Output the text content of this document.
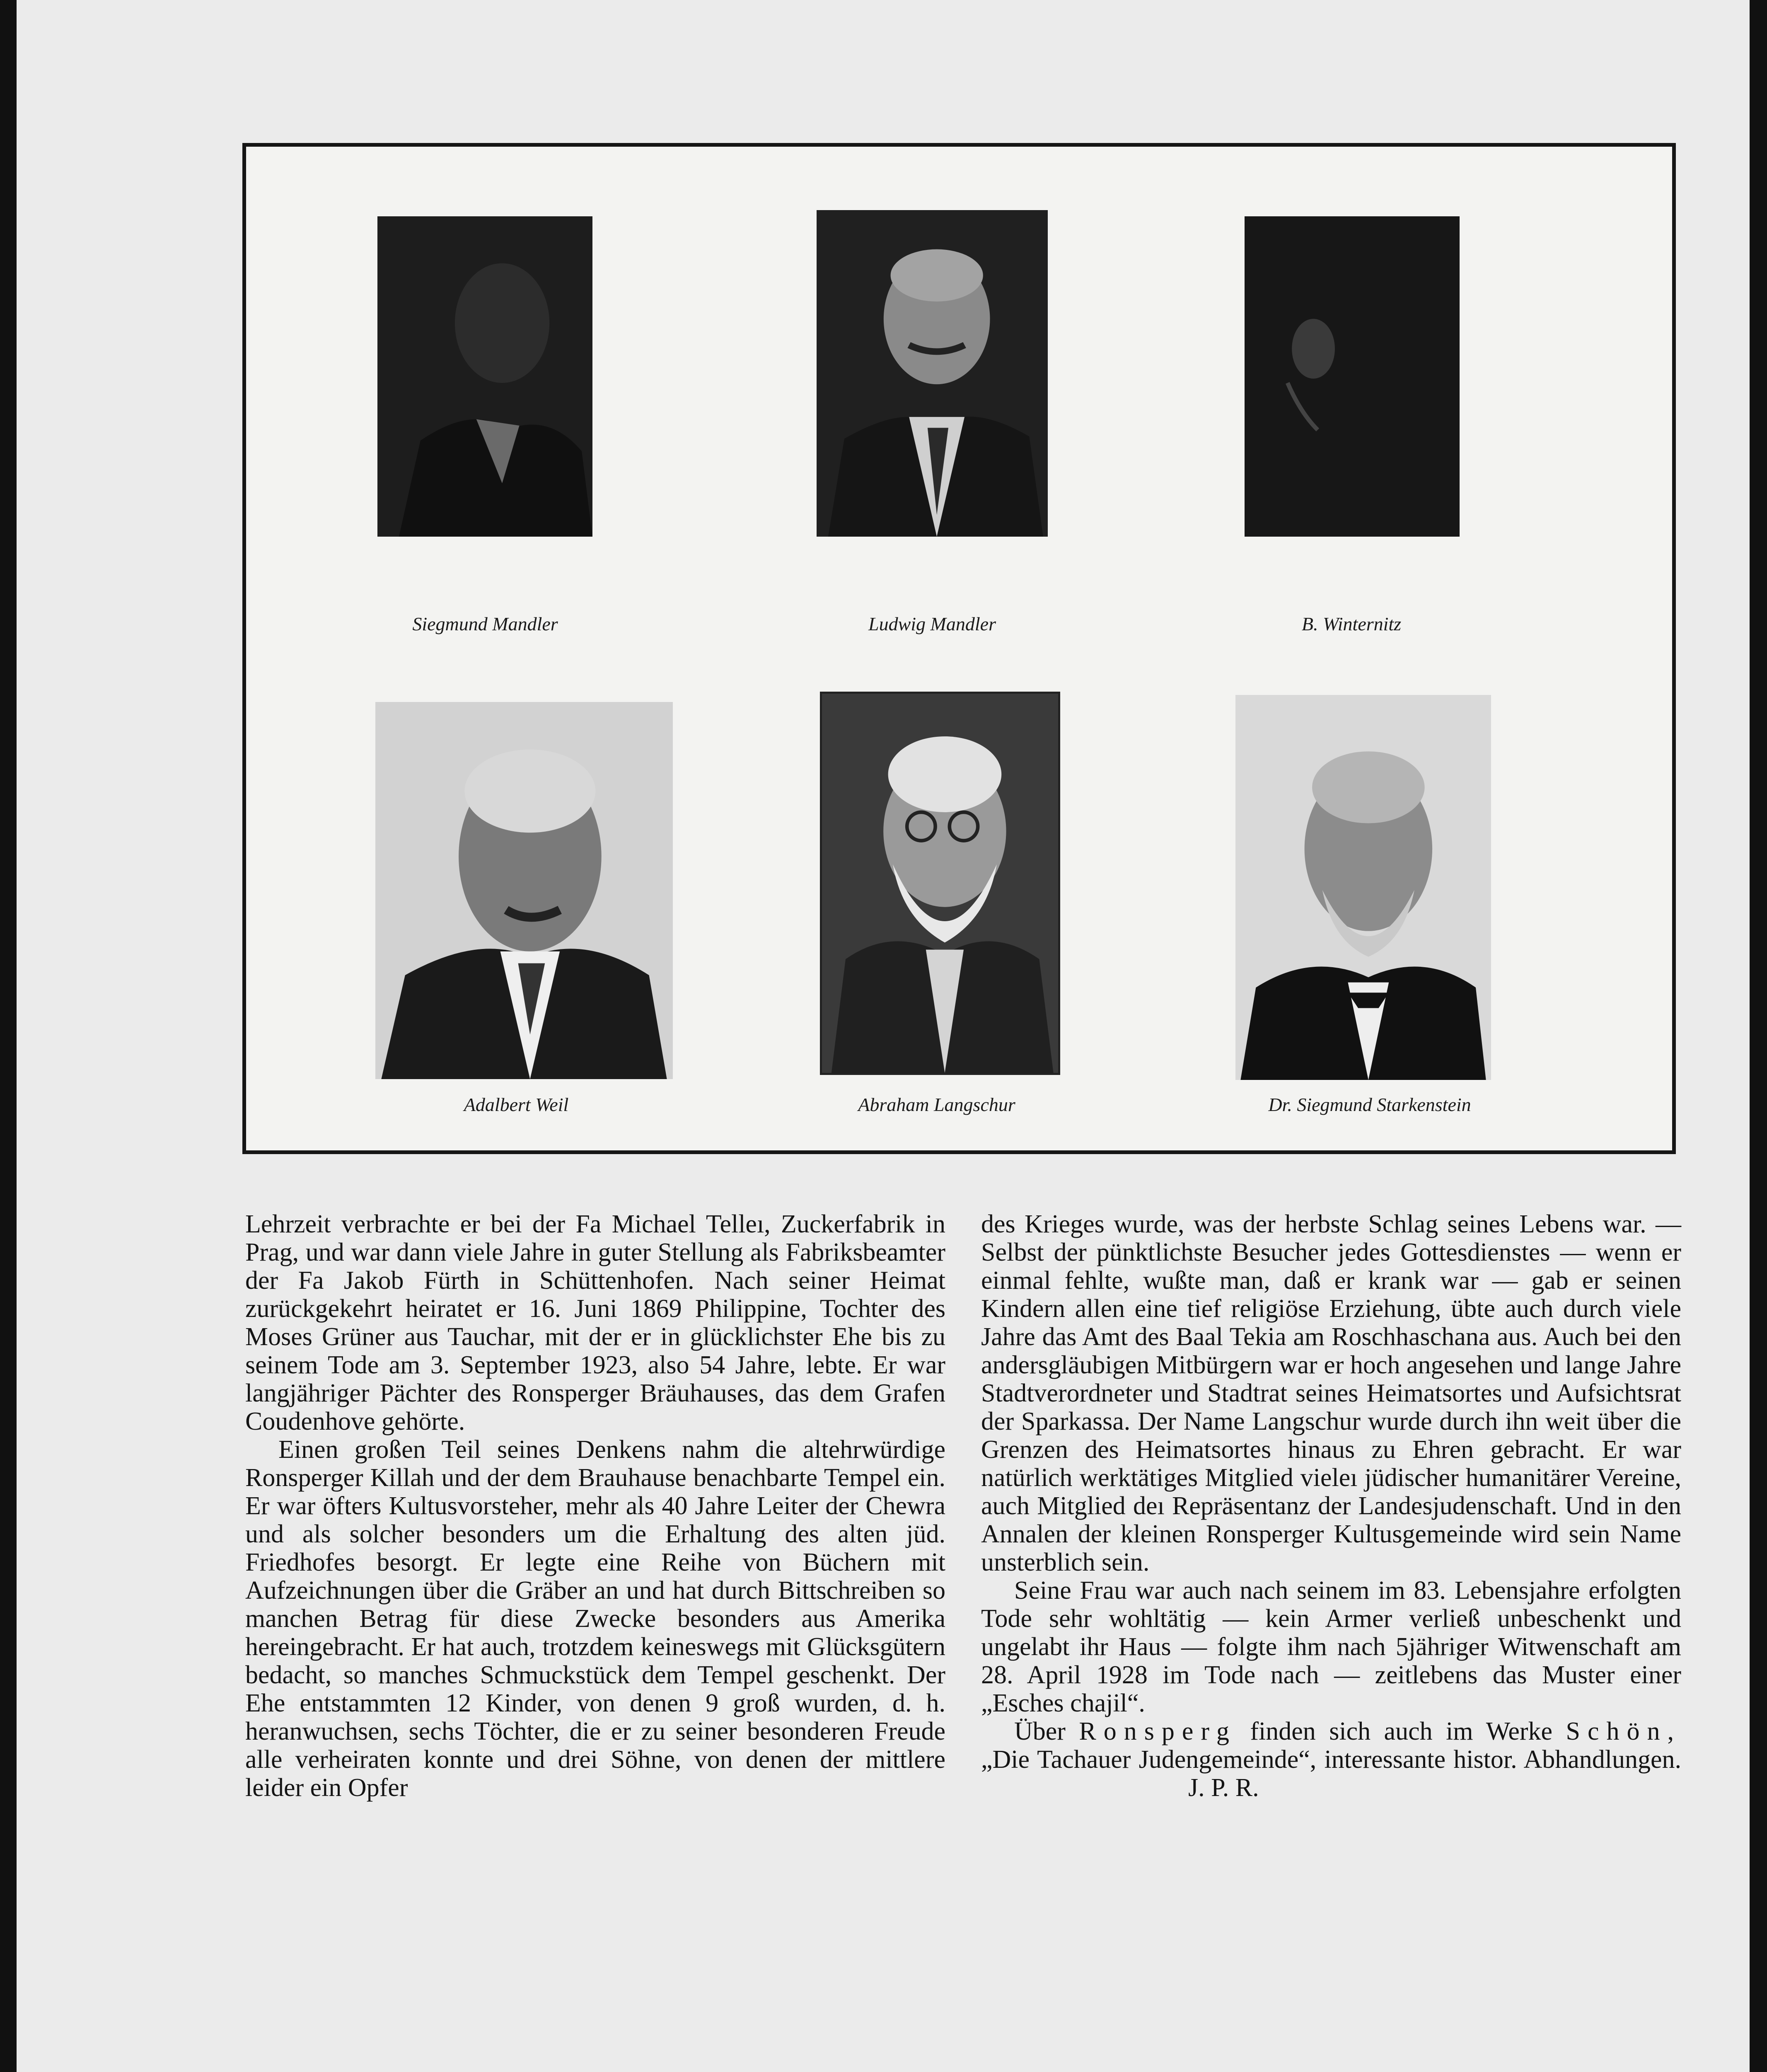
Siegmund Mandler	Ludwig Mandler	B. Winternitz
Adalbert Weil	Abraham Langschur	Dr. Siegmund Starkenstein

Lehrzeit verbrachte er bei der Fa Michael Telleı, Zuckerfabrik in Prag, und war dann viele Jahre in guter Stellung als Fabriksbeamter der Fa Jakob Fürth in Schüttenhofen. Nach seiner Heimat zurückgekehrt heiratet er 16. Juni 1869 Philippine, Tochter des Moses Grüner aus Tauchar, mit der er in glücklichster Ehe bis zu seinem Tode am 3. September 1923, also 54 Jahre, lebte. Er war langjähriger Pächter des Ronsperger Bräuhauses, das dem Grafen Coudenhove gehörte.

Einen großen Teil seines Denkens nahm die altehrwürdige Ronsperger Killah und der dem Brauhause benachbarte Tempel ein. Er war öfters Kultusvorsteher, mehr als 40 Jahre Leiter der Chewra und als solcher besonders um die Erhaltung des alten jüd. Friedhofes besorgt. Er legte eine Reihe von Büchern mit Aufzeichnungen über die Gräber an und hat durch Bittschreiben so manchen Betrag für diese Zwecke besonders aus Amerika hereingebracht. Er hat auch, trotzdem keineswegs mit Glücksgütern bedacht, so manches Schmuckstück dem Tempel geschenkt. Der Ehe entstammten 12 Kinder, von denen 9 groß wurden, d. h. heranwuchsen, sechs Töchter, die er zu seiner besonderen Freude alle verheiraten konnte und drei Söhne, von denen der mittlere leider ein Opfer

des Krieges wurde, was der herbste Schlag seines Lebens war. — Selbst der pünktlichste Besucher jedes Gottesdienstes — wenn er einmal fehlte, wußte man, daß er krank war — gab er seinen Kindern allen eine tief religiöse Erziehung, übte auch durch viele Jahre das Amt des Baal Tekia am Roschhaschana aus. Auch bei den andersgläubigen Mitbürgern war er hoch angesehen und lange Jahre Stadtverordneter und Stadtrat seines Heimatsortes und Aufsichtsrat der Sparkassa. Der Name Langschur wurde durch ihn weit über die Grenzen des Heimatsortes hinaus zu Ehren gebracht. Er war natürlich werktätiges Mitglied vieleı jüdischer humanitärer Vereine, auch Mitglied deı Repräsentanz der Landesjudenschaft. Und in den Annalen der kleinen Ronsperger Kultusgemeinde wird sein Name unsterblich sein.

Seine Frau war auch nach seinem im 83. Lebensjahre erfolgten Tode sehr wohltätig — kein Armer verließ unbeschenkt und ungelabt ihr Haus — folgte ihm nach 5jähriger Witwenschaft am 28. April 1928 im Tode nach — zeitlebens das Muster einer „Esches chajil“.

Über Ronsperg finden sich auch im Werke Schön, „Die Tachauer Judengemeinde“, interessante histor. Abhandlungen.J. P. R.
